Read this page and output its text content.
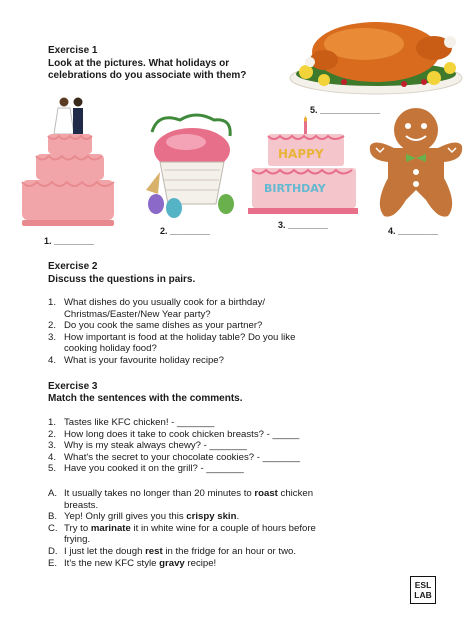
Exercise 1

Look at the pictures. What holidays or

celebrations do you associate with them?

5. ____________
1. ________
2. ________
HAPPY
BIRTHDAY
3. ________
4. ________

Exercise 2

Discuss the questions in pairs.

1. What dishes do you usually cook for a birthday/ Christmas/Easter/New Year party?
2. Do you cook the same dishes as your partner?
3. How important is food at the holiday table? Do you like cooking holiday food?
4. What is your favourite holiday recipe?

Exercise 3

Match the sentences with the comments.

1. Tastes like KFC chicken! - _______
2. How long does it take to cook chicken breasts? - _____
3. Why is my steak always chewy? - _______
4. What's the secret to your chocolate cookies? - _______
5. Have you cooked it on the grill? - _______
A. It usually takes no longer than 20 minutes to roast chicken breasts.
B. Yep! Only grill gives you this crispy skin.
C. Try to marinate it in white wine for a couple of hours before frying.
D. I just let the dough rest in the fridge for an hour or two.
E. It's the new KFC style gravy recipe!
ESL
LAB
